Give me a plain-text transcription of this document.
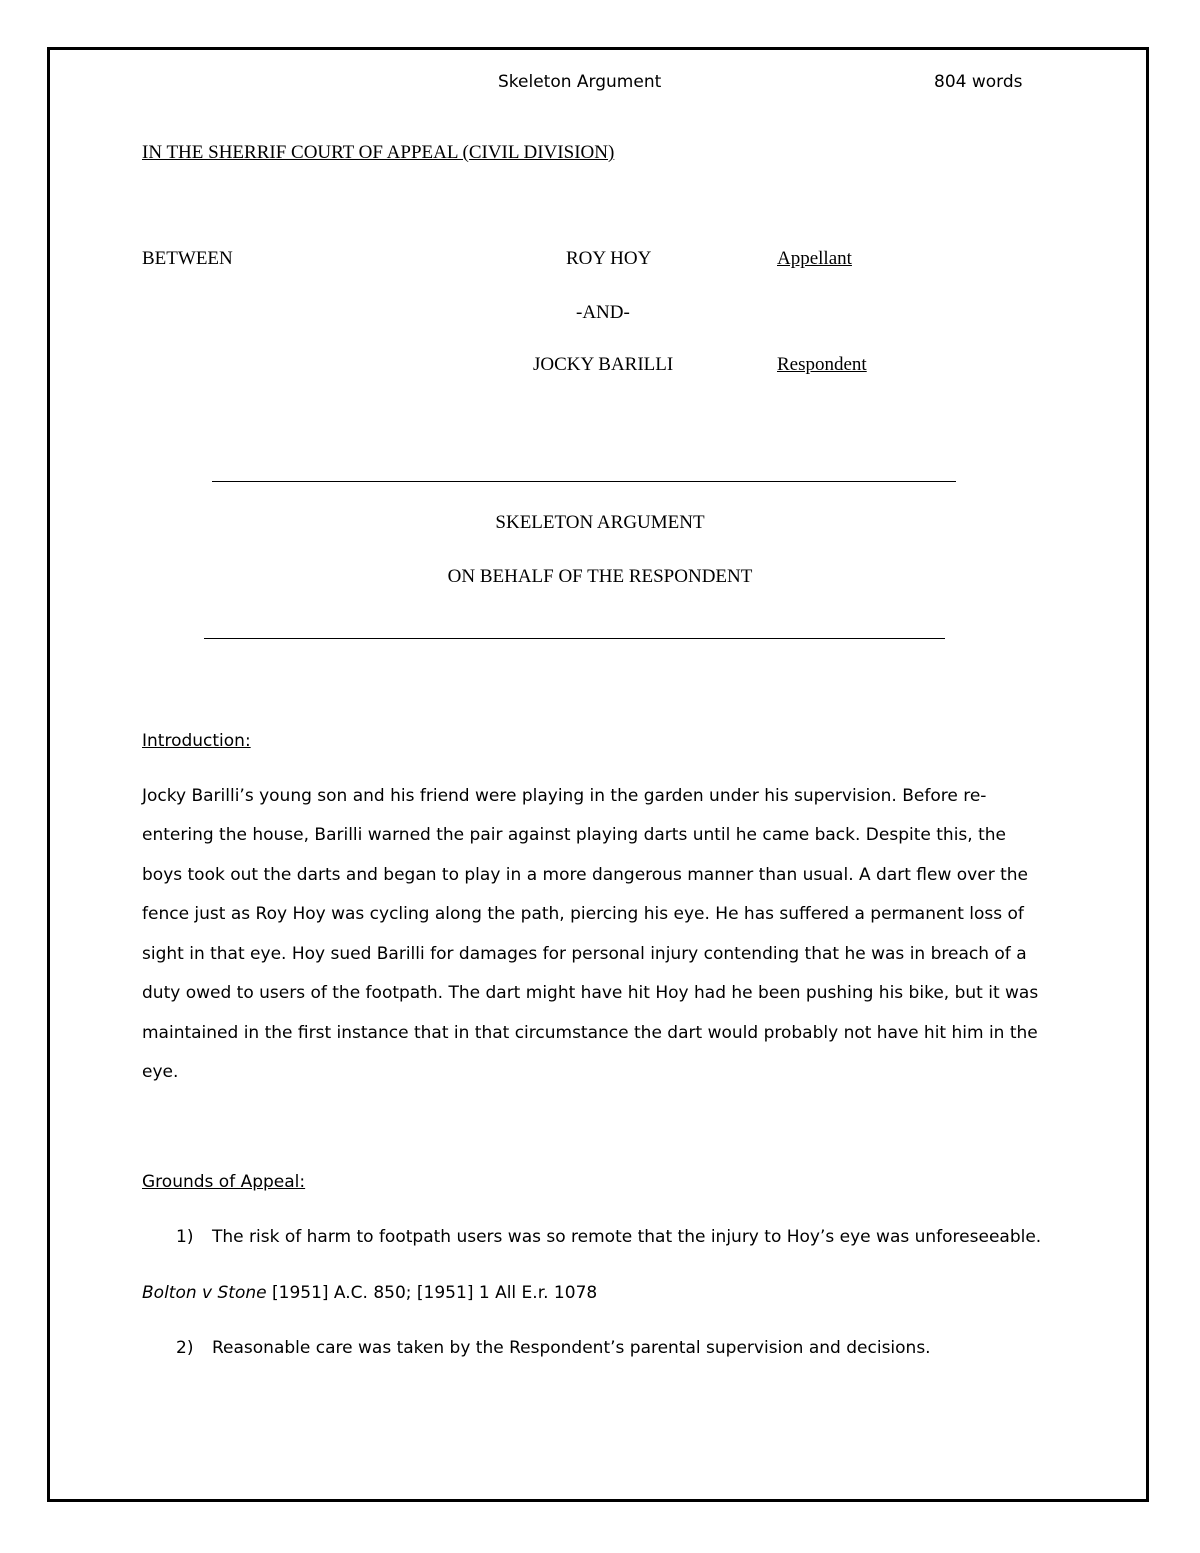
Skeleton Argument	804 words
IN THE SHERRIF COURT OF APPEAL (CIVIL DIVISION)
BETWEEN	ROY HOY	Appellant
-AND-
JOCKY BARILLI	Respondent
SKELETON ARGUMENT
ON BEHALF OF THE RESPONDENT
Introduction:
Jocky Barilli’s young son and his friend were playing in the garden under his supervision. Before re-
entering the house, Barilli warned the pair against playing darts until he came back. Despite this, the
boys took out the darts and began to play in a more dangerous manner than usual. A dart flew over the
fence just as Roy Hoy was cycling along the path, piercing his eye. He has suffered a permanent loss of
sight in that eye. Hoy sued Barilli for damages for personal injury contending that he was in breach of a
duty owed to users of the footpath. The dart might have hit Hoy had he been pushing his bike, but it was
maintained in the first instance that in that circumstance the dart would probably not have hit him in the
eye.
Grounds of Appeal:
1) The risk of harm to footpath users was so remote that the injury to Hoy’s eye was unforeseeable.
Bolton v Stone [1951] A.C. 850; [1951] 1 All E.r. 1078
2) Reasonable care was taken by the Respondent’s parental supervision and decisions.
